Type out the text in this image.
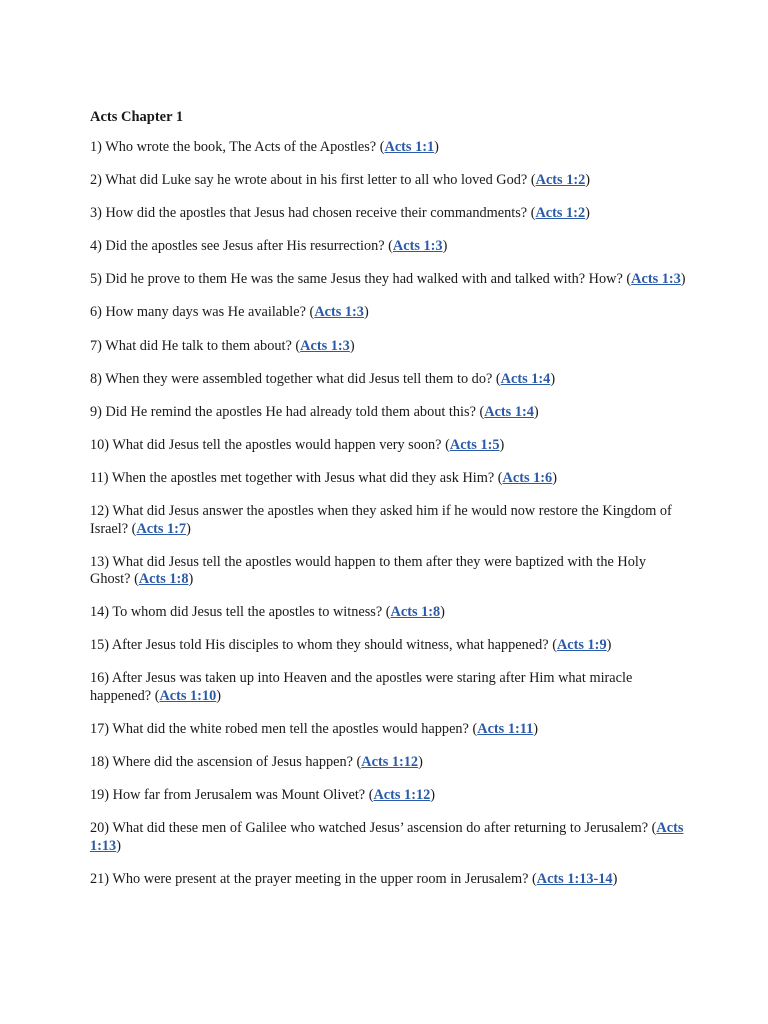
Acts Chapter 1

1) Who wrote the book, The Acts of the Apostles? (Acts 1:1)

2) What did Luke say he wrote about in his first letter to all who loved God? (Acts 1:2)

3) How did the apostles that Jesus had chosen receive their commandments? (Acts 1:2)

4) Did the apostles see Jesus after His resurrection? (Acts 1:3)

5) Did he prove to them He was the same Jesus they had walked with and talked with? How? (Acts 1:3)

6) How many days was He available? (Acts 1:3)

7) What did He talk to them about? (Acts 1:3)

8) When they were assembled together what did Jesus tell them to do? (Acts 1:4)

9) Did He remind the apostles He had already told them about this? (Acts 1:4)

10) What did Jesus tell the apostles would happen very soon? (Acts 1:5)

11) When the apostles met together with Jesus what did they ask Him? (Acts 1:6)

12) What did Jesus answer the apostles when they asked him if he would now restore the Kingdom of Israel? (Acts 1:7)

13) What did Jesus tell the apostles would happen to them after they were baptized with the Holy Ghost? (Acts 1:8)

14) To whom did Jesus tell the apostles to witness? (Acts 1:8)

15) After Jesus told His disciples to whom they should witness, what happened? (Acts 1:9)

16) After Jesus was taken up into Heaven and the apostles were staring after Him what miracle happened? (Acts 1:10)

17) What did the white robed men tell the apostles would happen? (Acts 1:11)

18) Where did the ascension of Jesus happen? (Acts 1:12)

19) How far from Jerusalem was Mount Olivet? (Acts 1:12)

20) What did these men of Galilee who watched Jesus’ ascension do after returning to Jerusalem? (Acts 1:13)

21) Who were present at the prayer meeting in the upper room in Jerusalem? (Acts 1:13-14)
